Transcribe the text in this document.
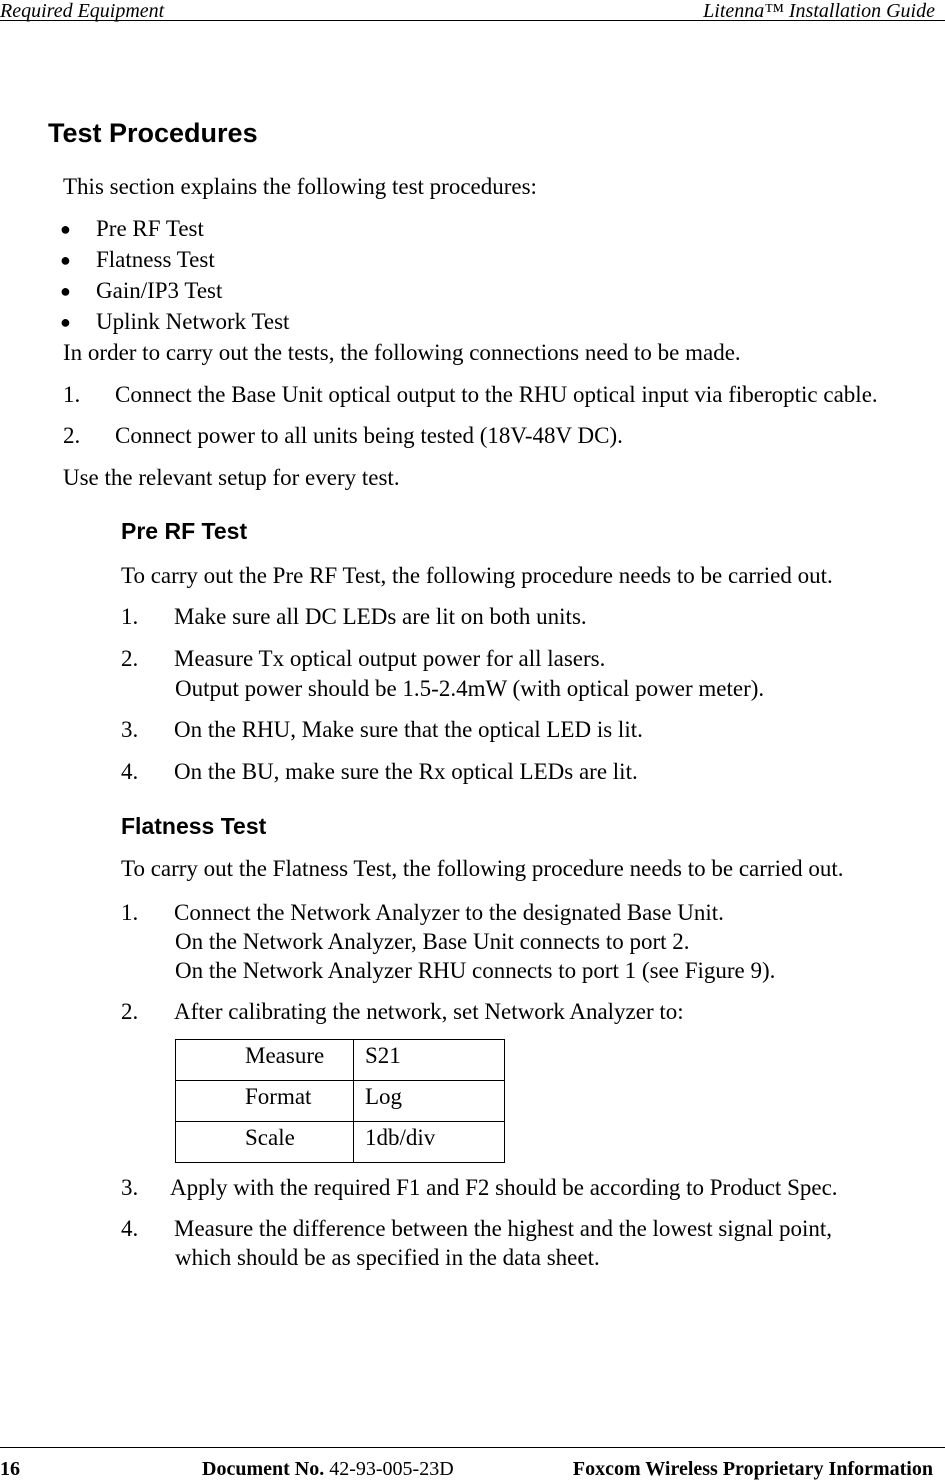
Required Equipment	Litenna™ Installation Guide
Test Procedures
This section explains the following test procedures:
● Pre RF Test
● Flatness Test
● Gain/IP3 Test
● Uplink Network Test
In order to carry out the tests, the following connections need to be made.
1. Connect the Base Unit optical output to the RHU optical input via fiberoptic cable.
2. Connect power to all units being tested (18V-48V DC).
Use the relevant setup for every test.
Pre RF Test
To carry out the Pre RF Test, the following procedure needs to be carried out.
1. Make sure all DC LEDs are lit on both units.
2. Measure Tx optical output power for all lasers.
Output power should be 1.5-2.4mW (with optical power meter).
3. On the RHU, Make sure that the optical LED is lit.
4. On the BU, make sure the Rx optical LEDs are lit.
Flatness Test
To carry out the Flatness Test, the following procedure needs to be carried out.
1. Connect the Network Analyzer to the designated Base Unit.
On the Network Analyzer, Base Unit connects to port 2.
On the Network Analyzer RHU connects to port 1 (see Figure 9).
2. After calibrating the network, set Network Analyzer to:
Measure	S21
Format	Log
Scale	1db/div
3. Apply with the required F1 and F2 should be according to Product Spec.
4. Measure the difference between the highest and the lowest signal point,
which should be as specified in the data sheet.
16	Document No. 42-93-005-23D	Foxcom Wireless Proprietary Information
